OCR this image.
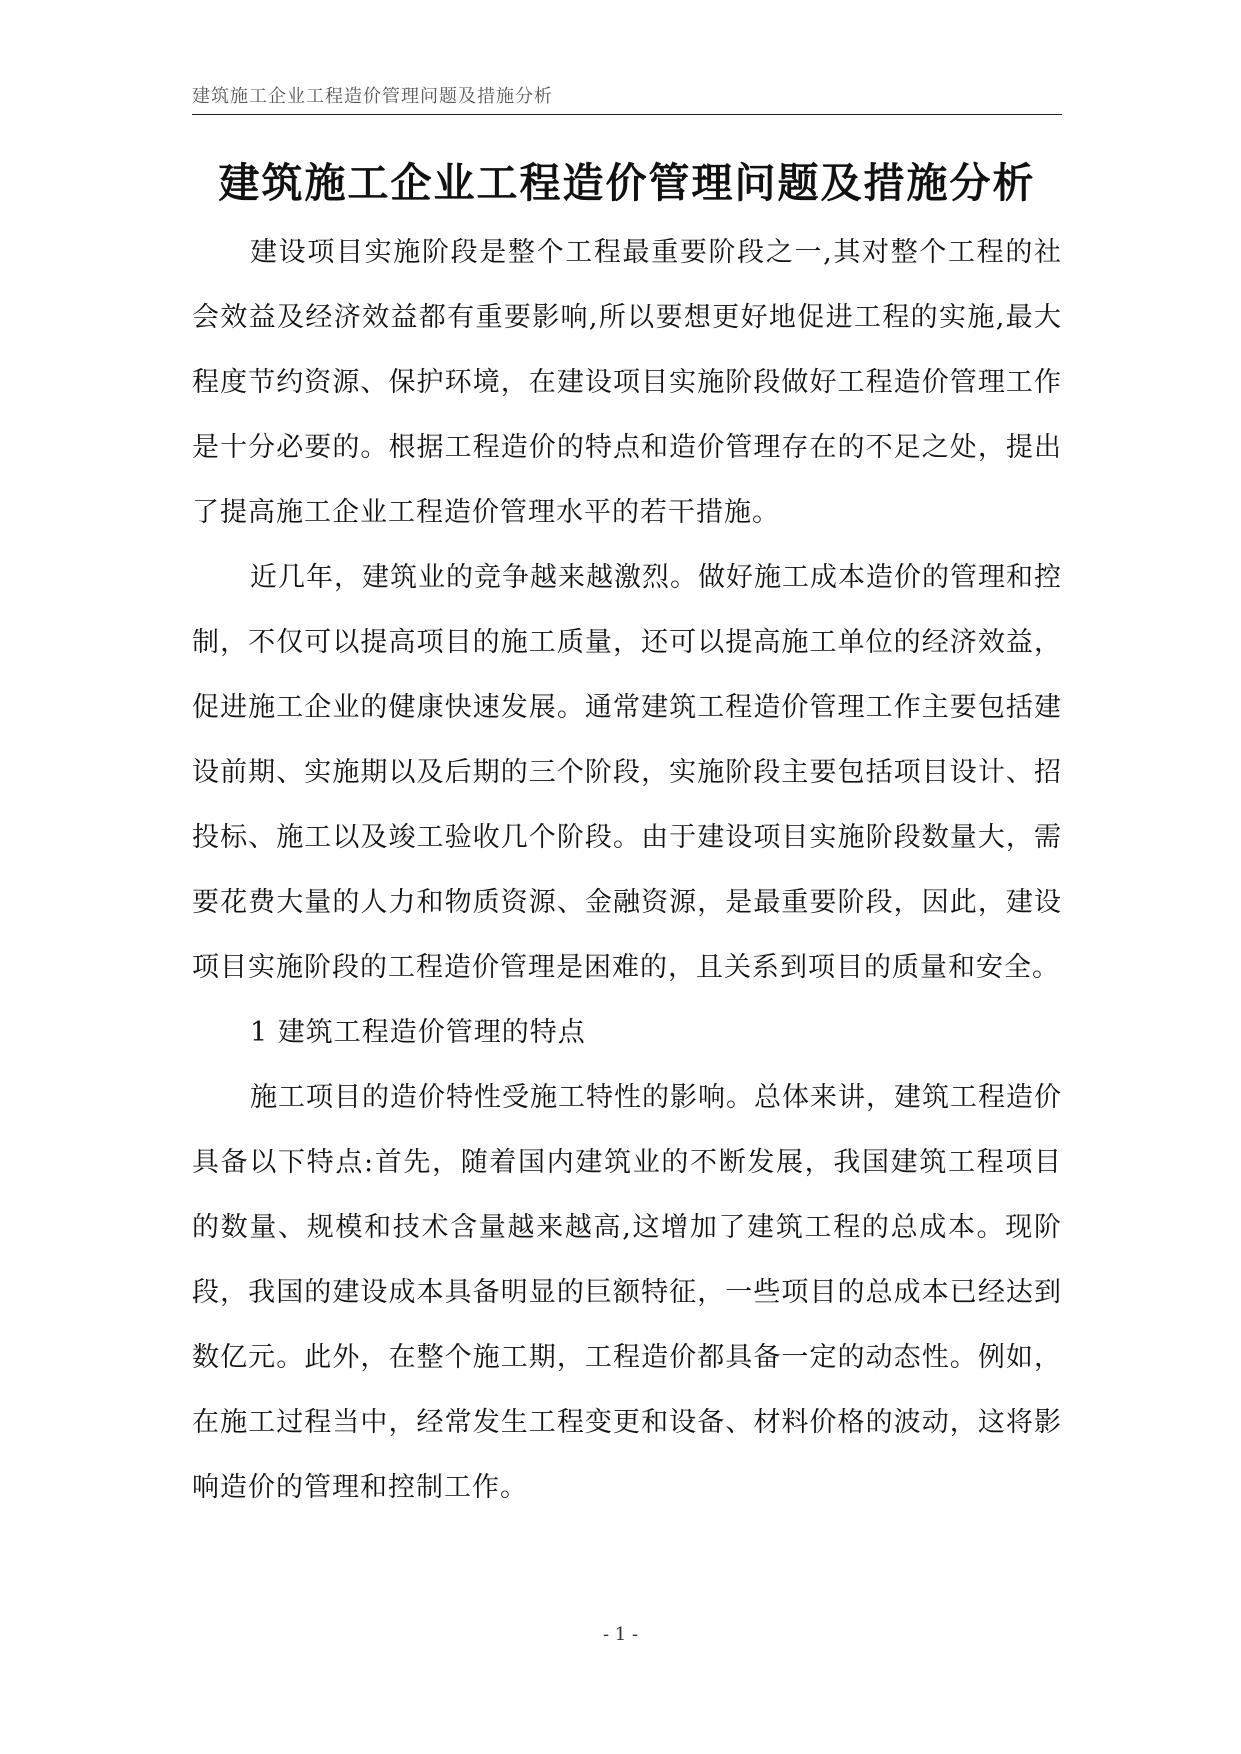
建筑施工企业工程造价管理问题及措施分析
建筑施工企业工程造价管理问题及措施分析

建设项目实施阶段是整个工程最重要阶段之一,其对整个工程的社会效益及经济效益都有重要影响,所以要想更好地促进工程的实施,最大程度节约资源、保护环境，在建设项目实施阶段做好工程造价管理工作是十分必要的。根据工程造价的特点和造价管理存在的不足之处，提出了提高施工企业工程造价管理水平的若干措施。

近几年，建筑业的竞争越来越激烈。做好施工成本造价的管理和控制，不仅可以提高项目的施工质量，还可以提高施工单位的经济效益，促进施工企业的健康快速发展。通常建筑工程造价管理工作主要包括建设前期、实施期以及后期的三个阶段，实施阶段主要包括项目设计、招投标、施工以及竣工验收几个阶段。由于建设项目实施阶段数量大，需要花费大量的人力和物质资源、金融资源，是最重要阶段，因此，建设项目实施阶段的工程造价管理是困难的，且关系到项目的质量和安全。

1 建筑工程造价管理的特点

施工项目的造价特性受施工特性的影响。总体来讲，建筑工程造价具备以下特点:首先，随着国内建筑业的不断发展，我国建筑工程项目的数量、规模和技术含量越来越高,这增加了建筑工程的总成本。现阶段，我国的建设成本具备明显的巨额特征，一些项目的总成本已经达到数亿元。此外，在整个施工期，工程造价都具备一定的动态性。例如，在施工过程当中，经常发生工程变更和设备、材料价格的波动，这将影响造价的管理和控制工作。

- 1 -
